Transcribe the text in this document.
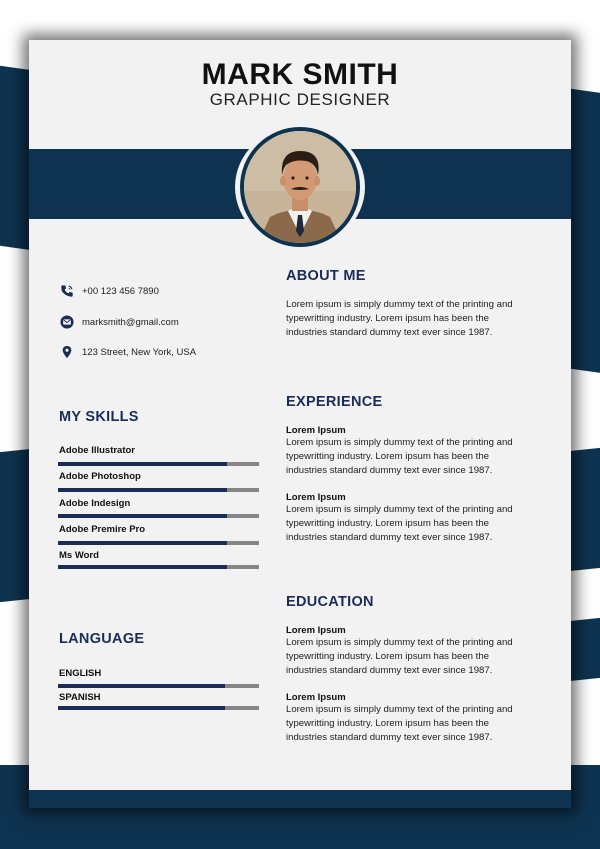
MARK SMITH
GRAPHIC DESIGNER
+00 123 456 7890
marksmith@gmail.com
123 Street, New York, USA
ABOUT ME
Lorem ipsum is simply dummy text of the printing and
typewritting industry. Lorem ipsum has been the
industries standard dummy text ever since 1987.
MY SKILLS
Adobe Illustrator
Adobe Photoshop
Adobe Indesign
Adobe Premire Pro
Ms Word
LANGUAGE
ENGLISH
SPANISH
EXPERIENCE
Lorem Ipsum
Lorem ipsum is simply dummy text of the printing and
typewritting industry. Lorem ipsum has been the
industries standard dummy text ever since 1987.
Lorem Ipsum
Lorem ipsum is simply dummy text of the printing and
typewritting industry. Lorem ipsum has been the
industries standard dummy text ever since 1987.
EDUCATION
Lorem Ipsum
Lorem ipsum is simply dummy text of the printing and
typewritting industry. Lorem ipsum has been the
industries standard dummy text ever since 1987.
Lorem Ipsum
Lorem ipsum is simply dummy text of the printing and
typewritting industry. Lorem ipsum has been the
industries standard dummy text ever since 1987.
